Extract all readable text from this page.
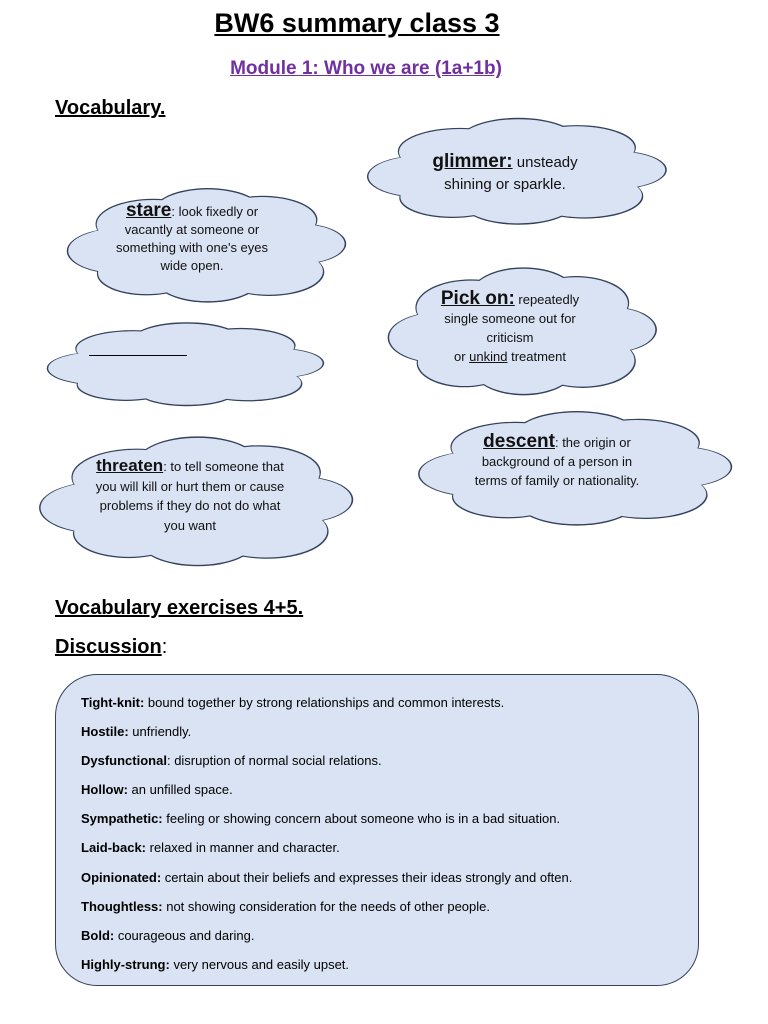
BW6 summary class 3
Module 1: Who we are (1a+1b)
Vocabulary.
glimmer: unsteady
shining or sparkle.
stare: look fixedly or
vacantly at someone or
something with one's eyes
wide open.
Pick on: repeatedly
single someone out for
criticism
or unkind treatment
threaten: to tell someone that
you will kill or hurt them or cause
problems if they do not do what
you want
descent: the origin or
background of a person in
terms of family or nationality.
Vocabulary exercises 4+5.
Discussion:
Tight-knit: bound together by strong relationships and common interests.
Hostile: unfriendly.
Dysfunctional: disruption of normal social relations.
Hollow: an unfilled space.
Sympathetic: feeling or showing concern about someone who is in a bad situation.
Laid-back: relaxed in manner and character.
Opinionated: certain about their beliefs and expresses their ideas strongly and often.
Thoughtless: not showing consideration for the needs of other people.
Bold: courageous and daring.
Highly-strung: very nervous and easily upset.
